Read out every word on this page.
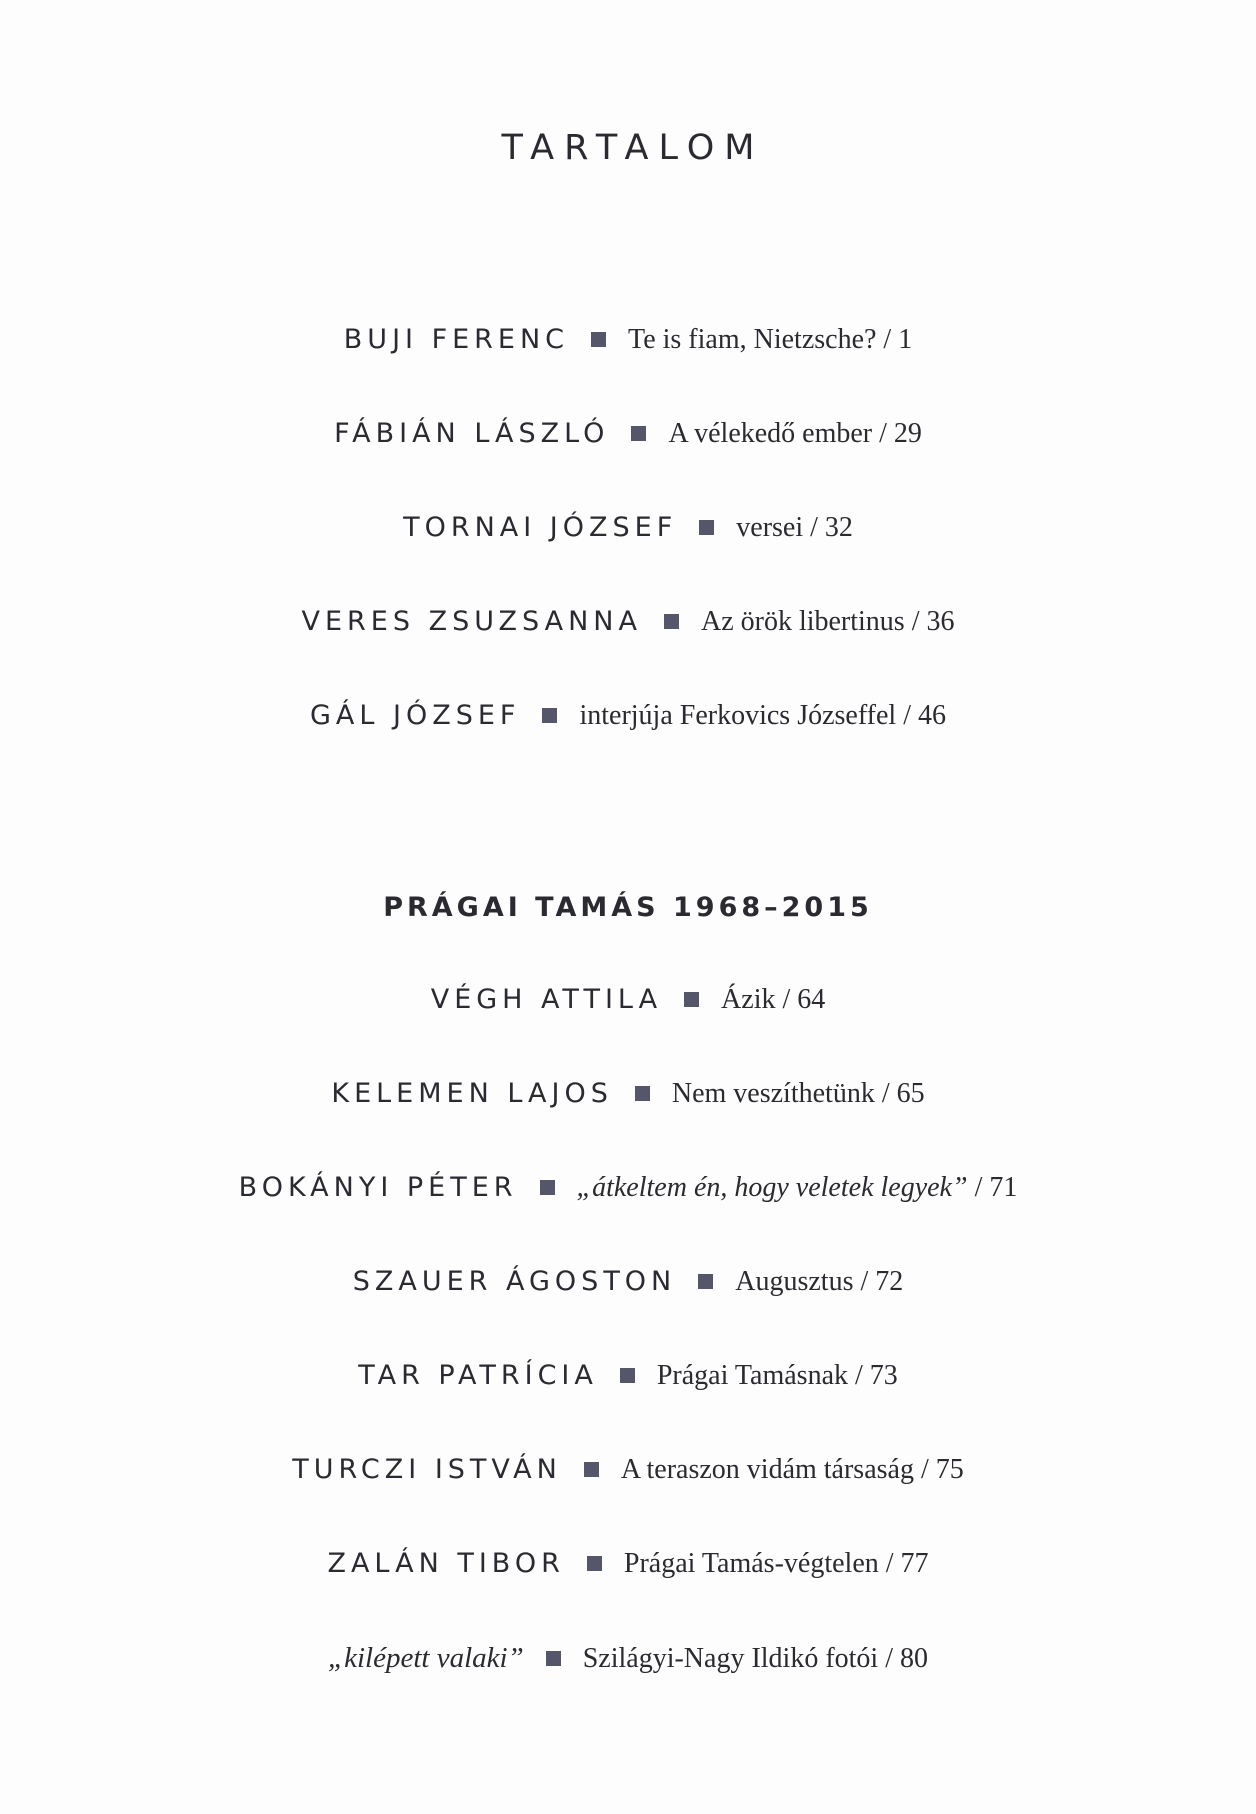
TARTALOM
BUJI FERENC Te is fiam, Nietzsche? / 1
FÁBIÁN LÁSZLÓ A vélekedő ember / 29
TORNAI JÓZSEF versei / 32
VERES ZSUZSANNA Az örök libertinus / 36
GÁL JÓZSEF interjúja Ferkovics Józseffel / 46
PRÁGAI TAMÁS 1968–2015
VÉGH ATTILA Ázik / 64
KELEMEN LAJOS Nem veszíthetünk / 65
BOKÁNYI PÉTER „átkeltem én, hogy veletek legyek” / 71
SZAUER ÁGOSTON Augusztus / 72
TAR PATRÍCIA Prágai Tamásnak / 73
TURCZI ISTVÁN A teraszon vidám társaság / 75
ZALÁN TIBOR Prágai Tamás-végtelen / 77
„kilépett valaki” Szilágyi-Nagy Ildikó fotói / 80
